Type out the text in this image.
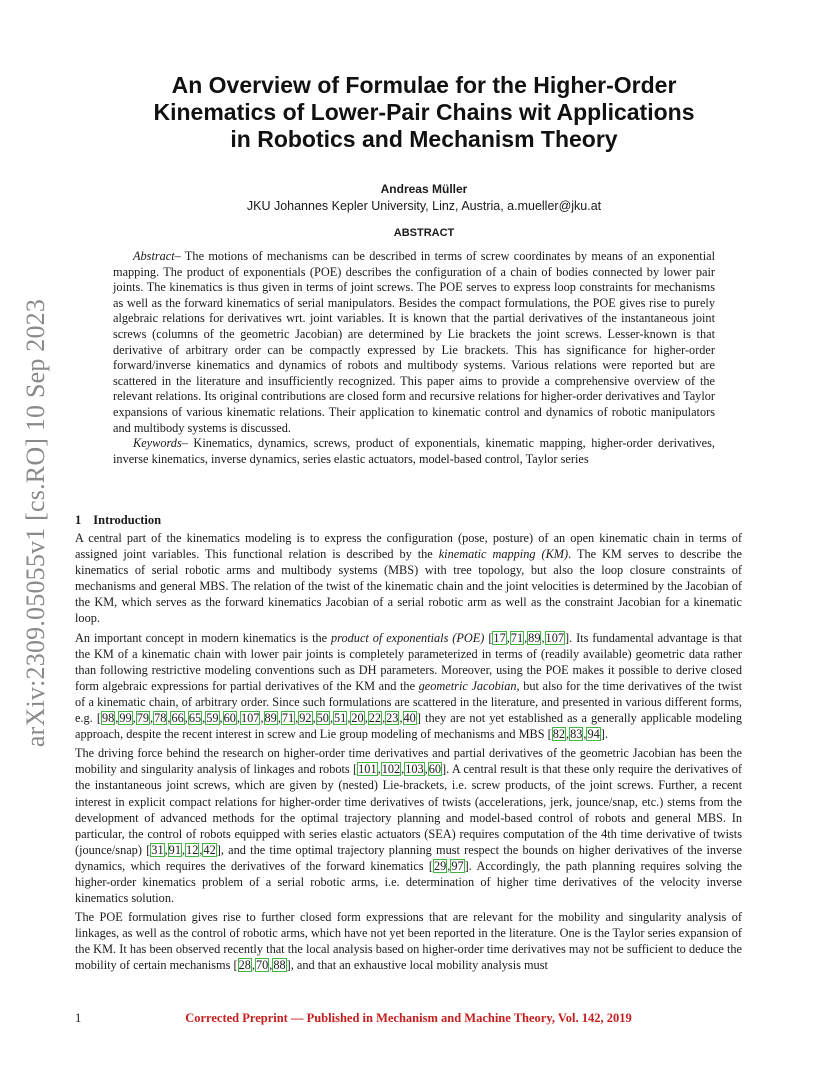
arXiv:2309.05055v1 [cs.RO] 10 Sep 2023
An Overview of Formulae for the Higher-Order
Kinematics of Lower-Pair Chains wit Applications
in Robotics and Mechanism Theory
Andreas Müller
JKU Johannes Kepler University, Linz, Austria, a.mueller@jku.at
ABSTRACT

Abstract– The motions of mechanisms can be described in terms of screw coordinates by means of an exponential mapping. The product of exponentials (POE) describes the configuration of a chain of bodies connected by lower pair joints. The kinematics is thus given in terms of joint screws. The POE serves to express loop constraints for mechanisms as well as the forward kinematics of serial manipulators. Besides the compact formulations, the POE gives rise to purely algebraic relations for derivatives wrt. joint variables. It is known that the partial derivatives of the instantaneous joint screws (columns of the geometric Jacobian) are determined by Lie brackets the joint screws. Lesser-known is that derivative of arbitrary order can be compactly expressed by Lie brackets. This has significance for higher-order forward/inverse kinematics and dynamics of robots and multibody systems. Various relations were reported but are scattered in the literature and insufficiently recognized. This paper aims to provide a comprehensive overview of the relevant relations. Its original contributions are closed form and recursive relations for higher-order derivatives and Taylor expansions of various kinematic relations. Their application to kinematic control and dynamics of robotic manipulators and multibody systems is discussed.

Keywords– Kinematics, dynamics, screws, product of exponentials, kinematic mapping, higher-order derivatives, inverse kinematics, inverse dynamics, series elastic actuators, model-based control, Taylor series

1 Introduction

A central part of the kinematics modeling is to express the configuration (pose, posture) of an open kinematic chain in terms of assigned joint variables. This functional relation is described by the kinematic mapping (KM). The KM serves to describe the kinematics of serial robotic arms and multibody systems (MBS) with tree topology, but also the loop closure constraints of mechanisms and general MBS. The relation of the twist of the kinematic chain and the joint velocities is determined by the Jacobian of the KM, which serves as the forward kinematics Jacobian of a serial robotic arm as well as the constraint Jacobian for a kinematic loop.

An important concept in modern kinematics is the product of exponentials (POE) [17,71,89,107]. Its fundamental advantage is that the KM of a kinematic chain with lower pair joints is completely parameterized in terms of (readily available) geometric data rather than following restrictive modeling conventions such as DH parameters. Moreover, using the POE makes it possible to derive closed form algebraic expressions for partial derivatives of the KM and the geometric Jacobian, but also for the time derivatives of the twist of a kinematic chain, of arbitrary order. Since such formulations are scattered in the literature, and presented in various different forms, e.g. [98,99,79,78,66,65,59,60,107,89,71,92,50,51,20,22,23,40] they are not yet established as a generally applicable modeling approach, despite the recent interest in screw and Lie group modeling of mechanisms and MBS [82,83,94].

The driving force behind the research on higher-order time derivatives and partial derivatives of the geometric Jacobian has been the mobility and singularity analysis of linkages and robots [101,102,103,60]. A central result is that these only require the derivatives of the instantaneous joint screws, which are given by (nested) Lie-brackets, i.e. screw products, of the joint screws. Further, a recent interest in explicit compact relations for higher-order time derivatives of twists (accelerations, jerk, jounce/snap, etc.) stems from the development of advanced methods for the optimal trajectory planning and model-based control of robots and general MBS. In particular, the control of robots equipped with series elastic actuators (SEA) requires computation of the 4th time derivative of twists (jounce/snap) [31,91,12,42], and the time optimal trajectory planning must respect the bounds on higher derivatives of the inverse dynamics, which requires the derivatives of the forward kinematics [29,97]. Accordingly, the path planning requires solving the higher-order kinematics problem of a serial robotic arms, i.e. determination of higher time derivatives of the velocity inverse kinematics solution.

The POE formulation gives rise to further closed form expressions that are relevant for the mobility and singularity analysis of linkages, as well as the control of robotic arms, which have not yet been reported in the literature. One is the Taylor series expansion of the KM. It has been observed recently that the local analysis based on higher-order time derivatives may not be sufficient to deduce the mobility of certain mechanisms [28,70,88], and that an exhaustive local mobility analysis must

1	Corrected Preprint — Published in Mechanism and Machine Theory, Vol. 142, 2019
